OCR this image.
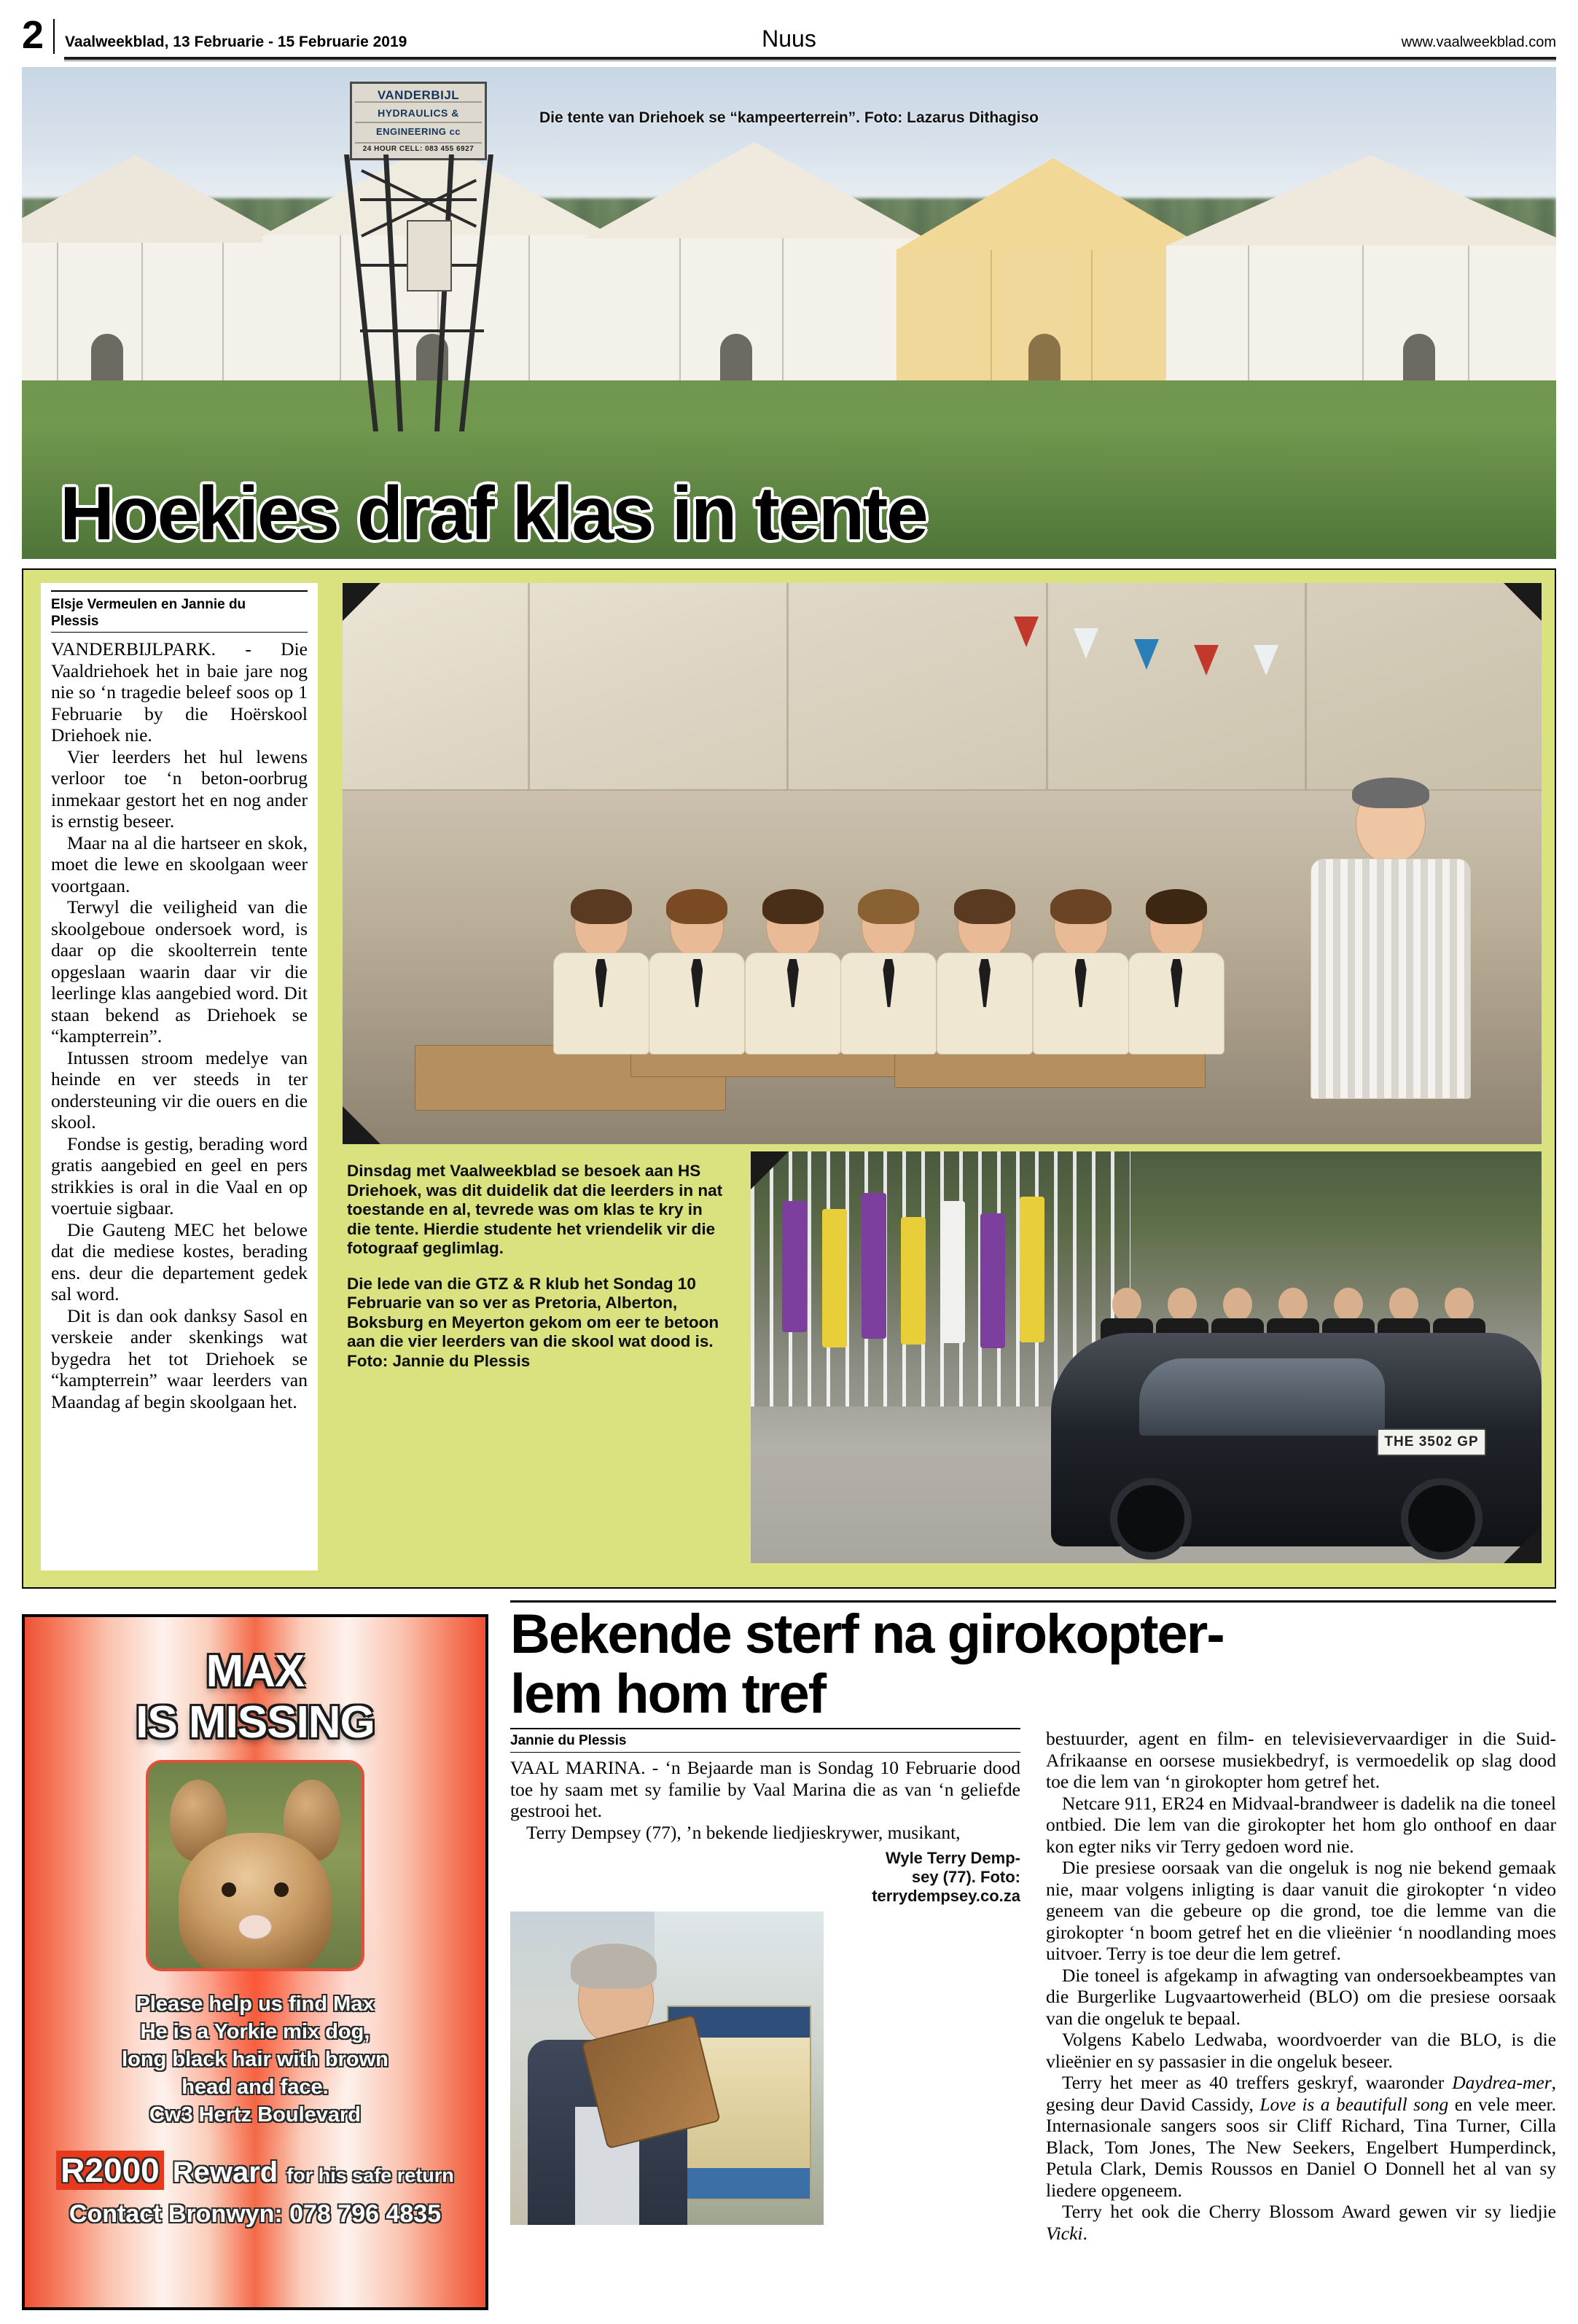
2	Vaalweekblad, 13 Februarie - 15 Februarie 2019	Nuus	www.vaalweekblad.com
VANDERBIJL
HYDRAULICS &
ENGINEERING cc
24 HOUR CELL: 083 455 6927
Die tente van Driehoek se “kampeerterrein”. Foto: Lazarus Dithagiso
Hoekies draf klas in tente
Elsje Vermeulen en Jannie du
Plessis

VANDERBIJLPARK. - Die Vaaldriehoek het in baie jare nog nie so ‘n tragedie beleef soos op 1 Februarie by die Hoërskool Driehoek nie.

Vier leerders het hul lewens verloor toe ‘n beton-oorbrug inmekaar gestort het en nog ander is ernstig beseer.

Maar na al die hartseer en skok, moet die lewe en skoolgaan weer voortgaan.

Terwyl die veiligheid van die skoolgeboue ondersoek word, is daar op die skoolterrein tente opgeslaan waarin daar vir die leerlinge klas aangebied word. Dit staan bekend as Driehoek se “kampterrein”.

Intussen stroom medelye van heinde en ver steeds in ter ondersteuning vir die ouers en die skool.

Fondse is gestig, berading word gratis aangebied en geel en pers strikkies is oral in die Vaal en op voertuie sigbaar.

Die Gauteng MEC het belowe dat die mediese kostes, berading ens. deur die departement gedek sal word.

Dit is dan ook danksy Sasol en verskeie ander skenkings wat bygedra het tot Driehoek se “kampterrein” waar leerders van Maandag af begin skoolgaan het.

Dinsdag met Vaalweekblad se besoek aan HS Driehoek, was dit duidelik dat die leerders in nat toestande en al, tevrede was om klas te kry in die tente. Hierdie studente het vriendelik vir die fotograaf geglimlag.

Die lede van die GTZ & R klub het Sondag 10 Februarie van so ver as Pretoria, Alberton, Boksburg en Meyerton gekom om eer te betoon aan die vier leerders van die skool wat dood is. Foto: Jannie du Plessis

THE 3502 GP
MAX
IS MISSING
Please help us find Max
He is a Yorkie mix dog,
long black hair with brown
head and face.
Cw3 Hertz Boulevard
R2000 Reward for his safe return
Contact Bronwyn: 078 796 4835
Bekende sterf na girokopter-
lem hom tref
Jannie du Plessis

VAAL MARINA. - ‘n Bejaarde man is Sondag 10 Februarie dood toe hy saam met sy familie by Vaal Marina die as van ‘n geliefde gestrooi het.

Terry Dempsey (77), ’n bekende liedjieskrywer, musikant,

Wyle Terry Demp-
sey (77). Foto:
terrydempsey.co.za

bestuurder, agent en film- en televisievervaardiger in die Suid-Afrikaanse en oorsese musiekbedryf, is vermoedelik op slag dood toe die lem van ‘n girokopter hom getref het.

Netcare 911, ER24 en Midvaal-brandweer is dadelik na die toneel ontbied. Die lem van die girokopter het hom glo onthoof en daar kon egter niks vir Terry gedoen word nie.

Die presiese oorsaak van die ongeluk is nog nie bekend gemaak nie, maar volgens inligting is daar vanuit die girokopter ‘n video geneem van die gebeure op die grond, toe die lemme van die girokopter ‘n boom getref het en die vlieënier ‘n noodlanding moes uitvoer. Terry is toe deur die lem getref.

Die toneel is afgekamp in afwagting van ondersoekbeamptes van die Burgerlike Lugvaartowerheid (BLO) om die presiese oorsaak van die ongeluk te bepaal.

Volgens Kabelo Ledwaba, woordvoerder van die BLO, is die vlieënier en sy passasier in die ongeluk beseer.

Terry het meer as 40 treffers geskryf, waaronder Daydrea-mer, gesing deur David Cassidy, Love is a beautifull song en vele meer. Internasionale sangers soos sir Cliff Richard, Tina Turner, Cilla Black, Tom Jones, The New Seekers, Engelbert Humperdinck, Petula Clark, Demis Roussos en Daniel O Donnell het al van sy liedere opgeneem.

Terry het ook die Cherry Blossom Award gewen vir sy liedjie Vicki.
